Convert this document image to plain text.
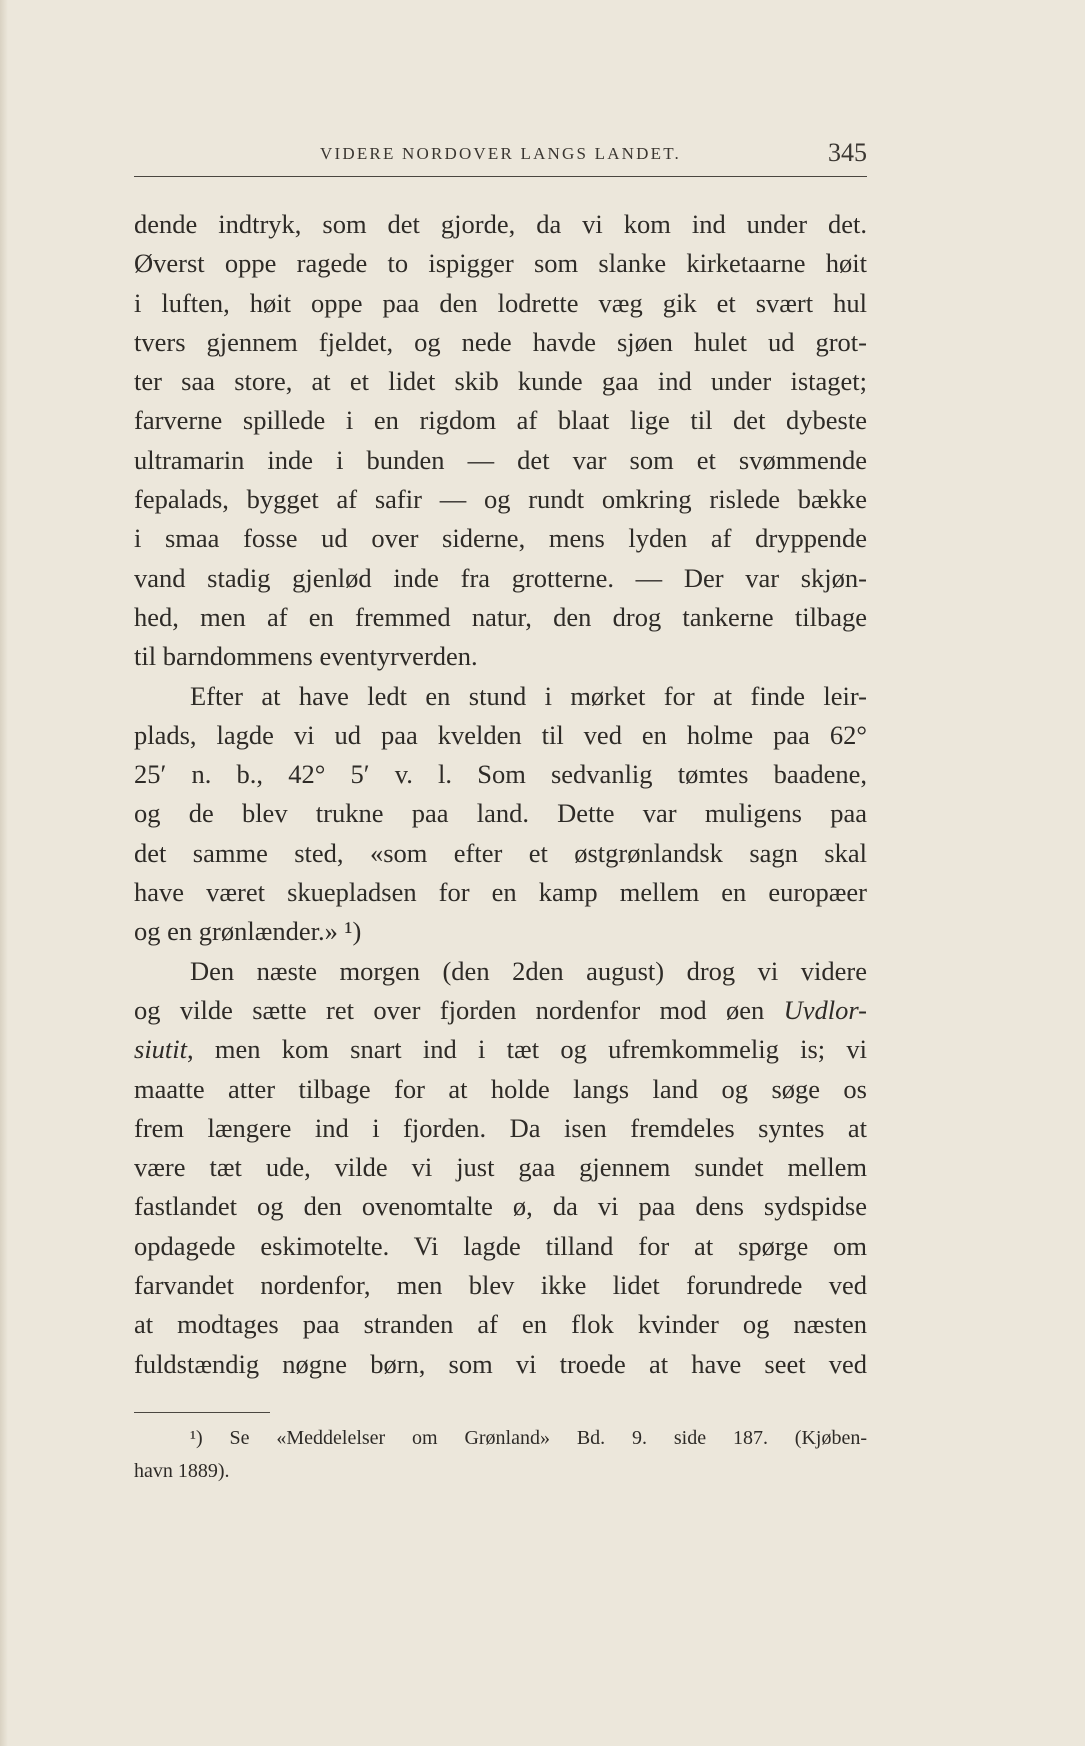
VIDERE NORDOVER LANGS LANDET.	345
dende indtryk, som det gjorde, da vi kom ind under det.
Øverst oppe ragede to ispigger som slanke kirketaarne høit
i luften, høit oppe paa den lodrette væg gik et svært hul
tvers gjennem fjeldet, og nede havde sjøen hulet ud grot-
ter saa store, at et lidet skib kunde gaa ind under istaget;
farverne spillede i en rigdom af blaat lige til det dybeste
ultramarin inde i bunden — det var som et svømmende
fepalads, bygget af safir — og rundt omkring rislede bække
i smaa fosse ud over siderne, mens lyden af dryppende
vand stadig gjenlød inde fra grotterne. — Der var skjøn-
hed, men af en fremmed natur, den drog tankerne tilbage
til barndommens eventyrverden.
Efter at have ledt en stund i mørket for at finde leir-
plads, lagde vi ud paa kvelden til ved en holme paa 62°
25′ n. b., 42° 5′ v. l. Som sedvanlig tømtes baadene,
og de blev trukne paa land. Dette var muligens paa
det samme sted, «som efter et østgrønlandsk sagn skal
have været skuepladsen for en kamp mellem en europæer
og en grønlænder.» ¹)
Den næste morgen (den 2den august) drog vi videre
og vilde sætte ret over fjorden nordenfor mod øen Uvdlor-
siutit, men kom snart ind i tæt og ufremkommelig is; vi
maatte atter tilbage for at holde langs land og søge os
frem længere ind i fjorden. Da isen fremdeles syntes at
være tæt ude, vilde vi just gaa gjennem sundet mellem
fastlandet og den ovenomtalte ø, da vi paa dens sydspidse
opdagede eskimotelte. Vi lagde tilland for at spørge om
farvandet nordenfor, men blev ikke lidet forundrede ved
at modtages paa stranden af en flok kvinder og næsten
fuldstændig nøgne børn, som vi troede at have seet ved
¹) Se «Meddelelser om Grønland» Bd. 9. side 187. (Kjøben-
havn 1889).
